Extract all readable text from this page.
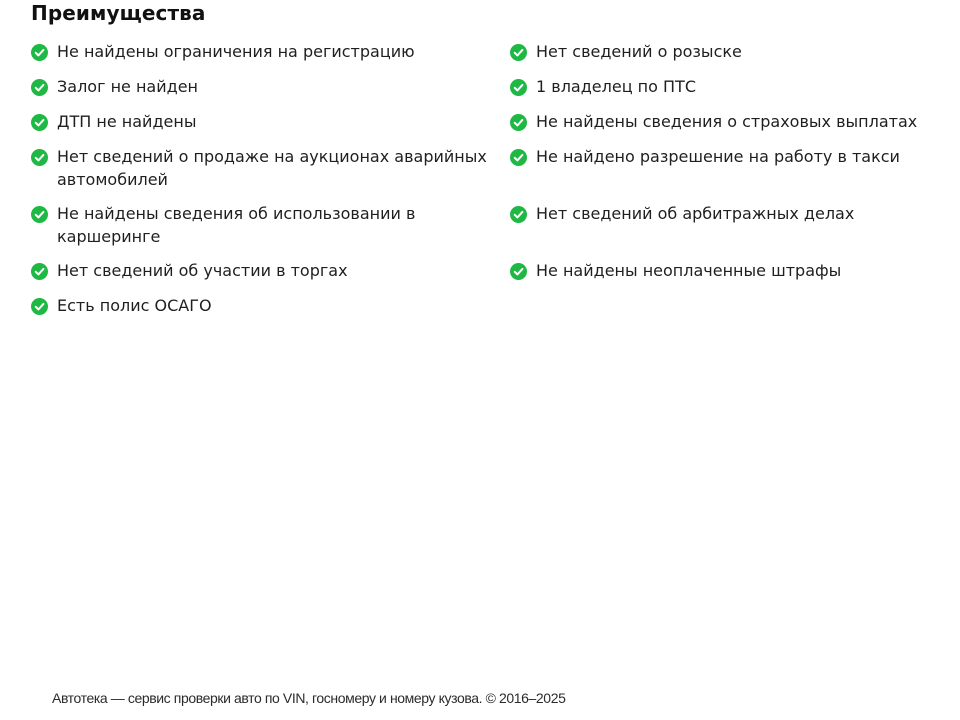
Преимущества
Не найдены ограничения на регистрацию
Залог не найден
ДТП не найдены
Нет сведений о продаже на аукционах аварийных автомобилей
Не найдены сведения об использовании в каршеринге
Нет сведений об участии в торгах
Есть полис ОСАГО
Нет сведений о розыске
1 владелец по ПТС
Не найдены сведения о страховых выплатах
Не найдено разрешение на работу в такси
Нет сведений об арбитражных делах
Не найдены неоплаченные штрафы
Автотека — сервис проверки авто по VIN, госномеру и номеру кузова. © 2016–2025
